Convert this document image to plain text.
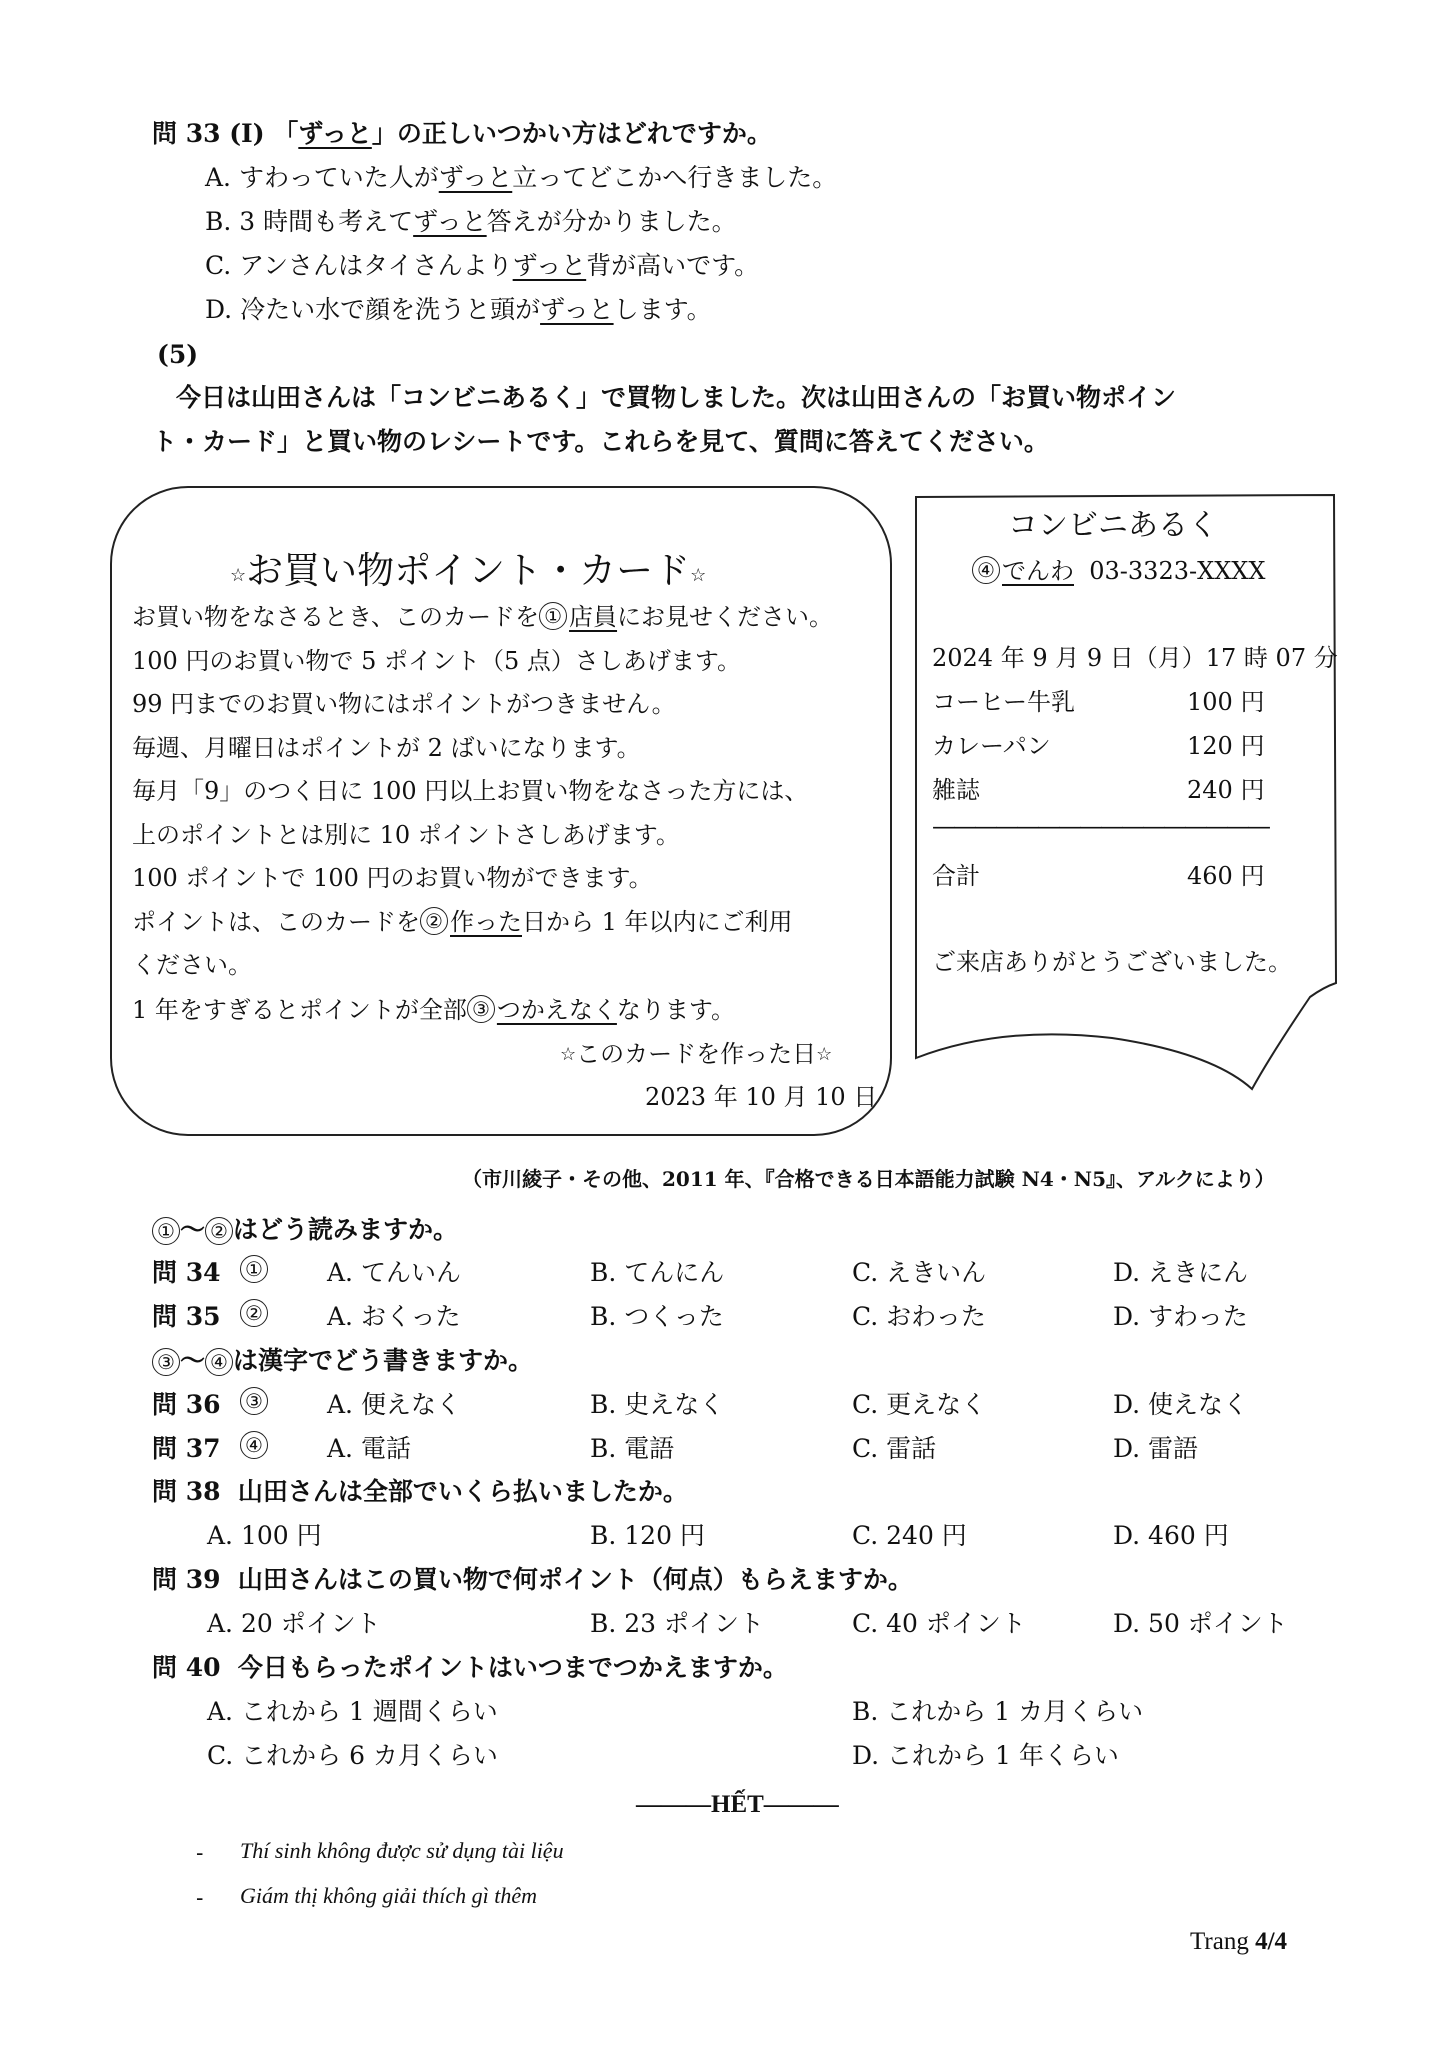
問 33 (I) 「ずっと」の正しいつかい方はどれですか。
A. すわっていた人がずっと立ってどこかへ行きました。
B. 3 時間も考えてずっと答えが分かりました。
C. アンさんはタイさんよりずっと背が高いです。
D. 冷たい水で顔を洗うと頭がずっとします。
(5)
今日は山田さんは「コンビニあるく」で買物しました。次は山田さんの「お買い物ポイン
ト・カード」と買い物のレシートです。これらを見て、質問に答えてください。
☆お買い物ポイント・カード☆
お買い物をなさるとき、このカードを ① 店員にお見せください。
100 円のお買い物で 5 ポイント（5 点）さしあげます。
99 円までのお買い物にはポイントがつきません。
毎週、月曜日はポイントが 2 ばいになります。
毎月「9」のつく日に 100 円以上お買い物をなさった方には、
上のポイントとは別に 10 ポイントさしあげます。
100 ポイントで 100 円のお買い物ができます。
ポイントは、このカードを ② 作った日から 1 年以内にご利用
ください。
1 年をすぎるとポイントが全部 ③ つかえなくなります。
☆このカードを作った日☆
2023 年 10 月 10 日
コンビニあるく
④ でんわ 03-3323-XXXX
2024 年 9 月 9 日（月）17 時 07 分
コーヒー牛乳	100 円
カレーパン	120 円
雑誌	240 円
————————————————
合計	460 円
ご来店ありがとうございました。
（市川綾子・その他、2011 年、『合格できる日本語能力試験 N4・N5』、アルクにより）
① 〜 ② はどう読みますか。
問 34 ①	A. てんいん	B. てんにん	C. えきいん	D. えきにん
問 35 ②	A. おくった	B. つくった	C. おわった	D. すわった
③ 〜 ④ は漢字でどう書きますか。
問 36 ③	A. 便えなく	B. 史えなく	C. 更えなく	D. 使えなく
問 37 ④	A. 電話	B. 電語	C. 雷話	D. 雷語
問 38 山田さんは全部でいくら払いましたか。
A. 100 円	B. 120 円	C. 240 円	D. 460 円
問 39 山田さんはこの買い物で何ポイント（何点）もらえますか。
A. 20 ポイント	B. 23 ポイント	C. 40 ポイント	D. 50 ポイント
問 40 今日もらったポイントはいつまでつかえますか。
A. これから 1 週間くらい	B. これから 1 カ月くらい
C. これから 6 カ月くらい	D. これから 1 年くらい
———HẾT———
- Thí sinh không được sử dụng tài liệu
- Giám thị không giải thích gì thêm
Trang 4/4
